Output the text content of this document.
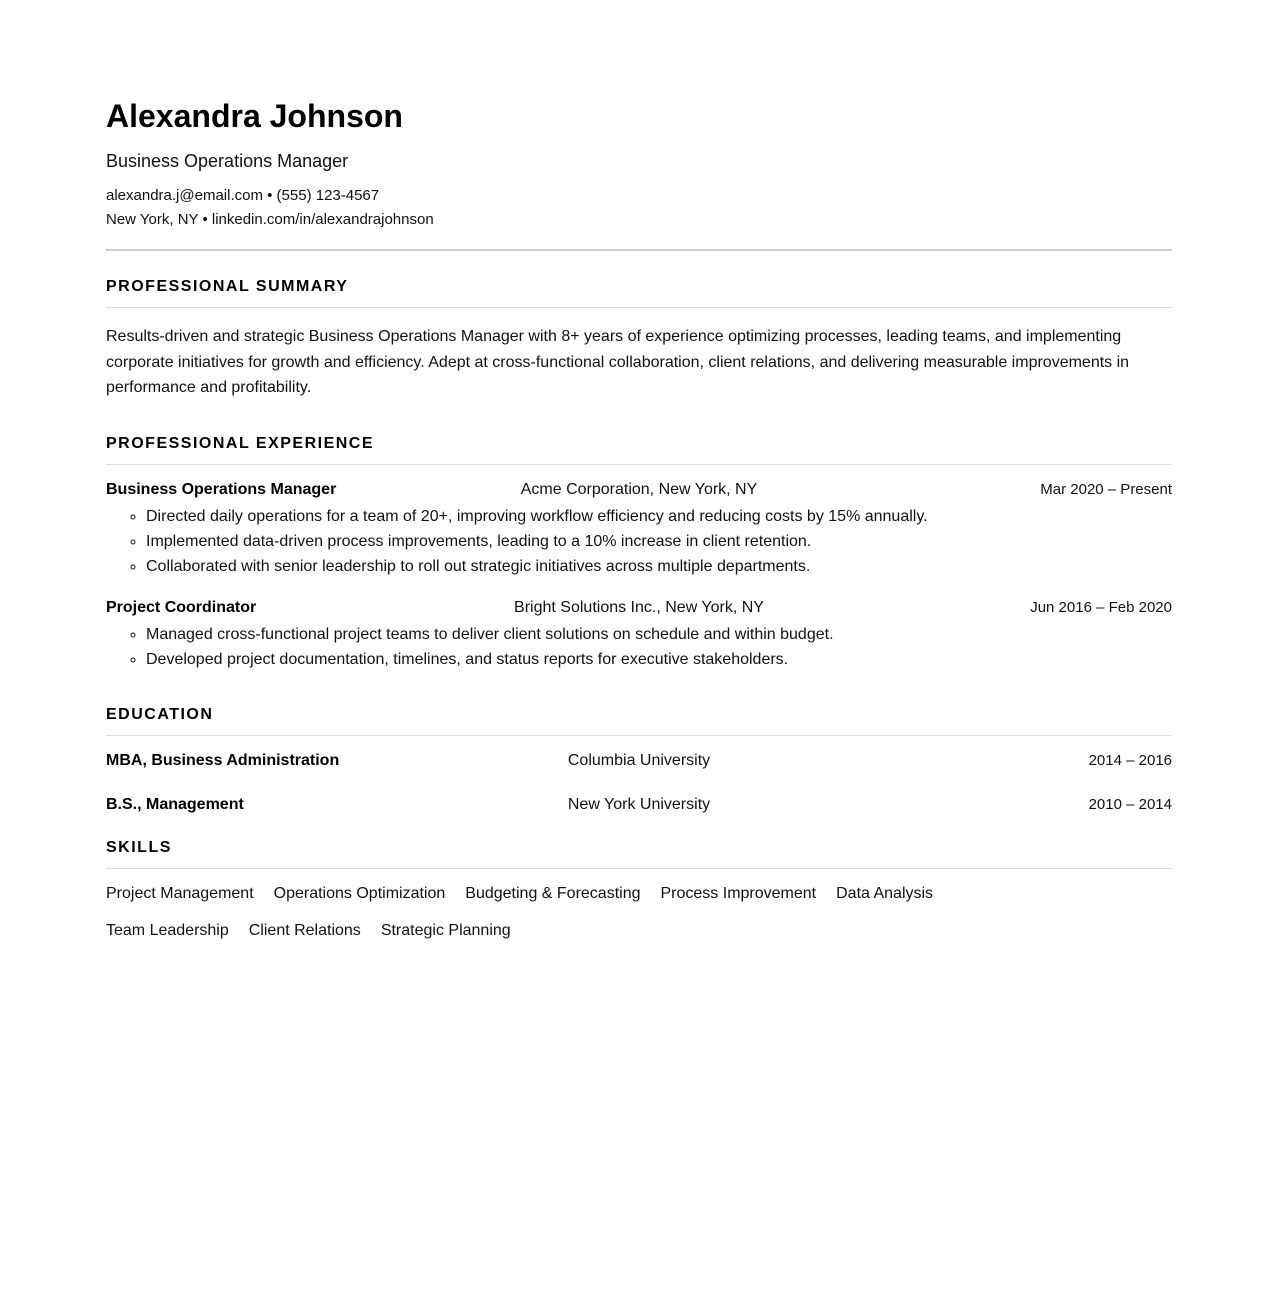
Alexandra Johnson
Business Operations Manager
alexandra.j@email.com • (555) 123-4567
New York, NY • linkedin.com/in/alexandrajohnson
PROFESSIONAL SUMMARY

Results-driven and strategic Business Operations Manager with 8+ years of experience optimizing processes, leading teams, and implementing corporate initiatives for growth and efficiency. Adept at cross-functional collaboration, client relations, and delivering measurable improvements in performance and profitability.

PROFESSIONAL EXPERIENCE
Business Operations Manager	Acme Corporation, New York, NY	Mar 2020 – Present
◦ Directed daily operations for a team of 20+, improving workflow efficiency and reducing costs by 15% annually.
◦ Implemented data-driven process improvements, leading to a 10% increase in client retention.
◦ Collaborated with senior leadership to roll out strategic initiatives across multiple departments.
Project Coordinator	Bright Solutions Inc., New York, NY	Jun 2016 – Feb 2020
◦ Managed cross-functional project teams to deliver client solutions on schedule and within budget.
◦ Developed project documentation, timelines, and status reports for executive stakeholders.
EDUCATION
MBA, Business Administration	Columbia University	2014 – 2016
B.S., Management	New York University	2010 – 2014
SKILLS
Project Management Operations Optimization Budgeting & Forecasting Process Improvement Data Analysis
Team Leadership Client Relations Strategic Planning
